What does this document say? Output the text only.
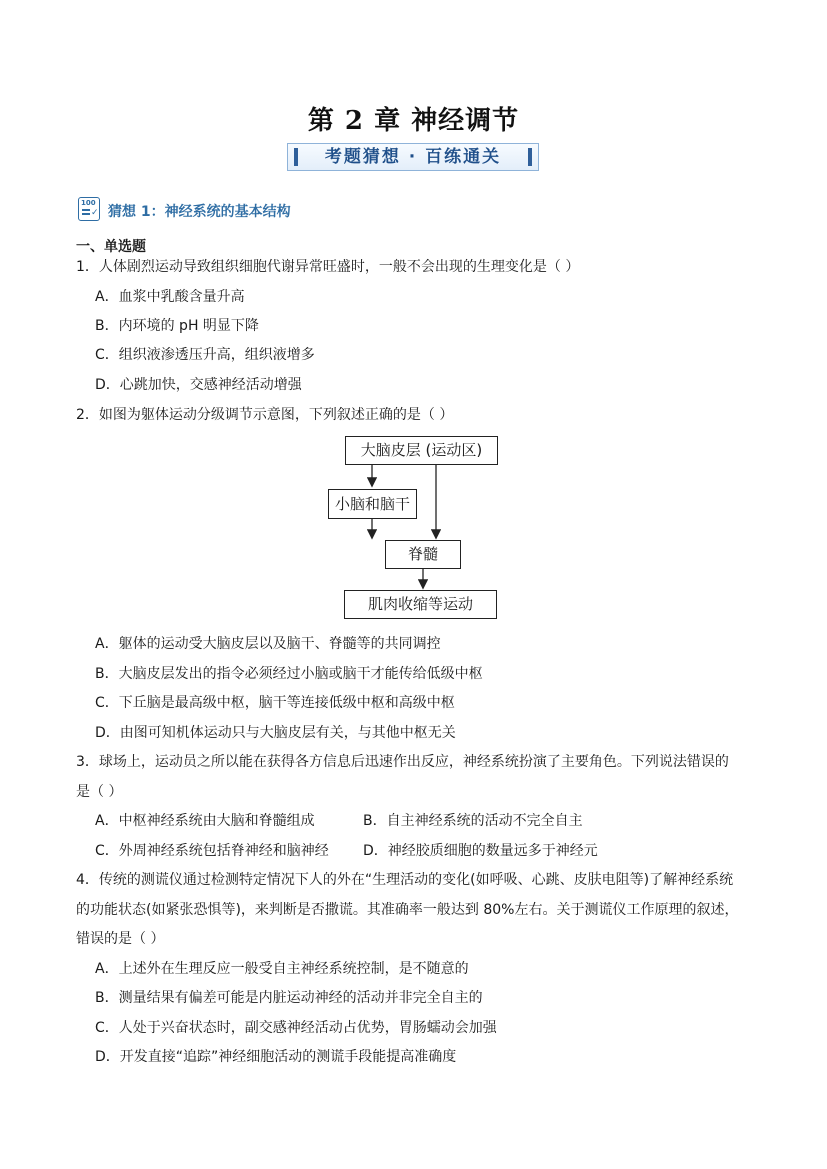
第 2 章 神经调节
考题猜想 · 百练通关
100
✓ 猜想 1：神经系统的基本结构
一、单选题
1．人体剧烈运动导致组织细胞代谢异常旺盛时，一般不会出现的生理变化是（ ）
A．血浆中乳酸含量升高
B．内环境的 pH 明显下降
C．组织液渗透压升高，组织液增多
D．心跳加快，交感神经活动增强
2．如图为躯体运动分级调节示意图，下列叙述正确的是（ ）
大脑皮层 (运动区)
小脑和脑干
脊髓
肌肉收缩等运动
A．躯体的运动受大脑皮层以及脑干、脊髓等的共同调控
B．大脑皮层发出的指令必须经过小脑或脑干才能传给低级中枢
C．下丘脑是最高级中枢，脑干等连接低级中枢和高级中枢
D．由图可知机体运动只与大脑皮层有关，与其他中枢无关
3．球场上，运动员之所以能在获得各方信息后迅速作出反应，神经系统扮演了主要角色。下列说法错误的
是（ ）
A．中枢神经系统由大脑和脊髓组成	B．自主神经系统的活动不完全自主
C．外周神经系统包括脊神经和脑神经 D．神经胶质细胞的数量远多于神经元
4．传统的测谎仪通过检测特定情况下人的外在“生理活动的变化(如呼吸、心跳、皮肤电阻等)了解神经系统
的功能状态(如紧张恐惧等)，来判断是否撒谎。其准确率一般达到 80%左右。关于测谎仪工作原理的叙述，
错误的是（ ）
A．上述外在生理反应一般受自主神经系统控制，是不随意的
B．测量结果有偏差可能是内脏运动神经的活动并非完全自主的
C．人处于兴奋状态时，副交感神经活动占优势，胃肠蠕动会加强
D．开发直接“追踪”神经细胞活动的测谎手段能提高准确度
